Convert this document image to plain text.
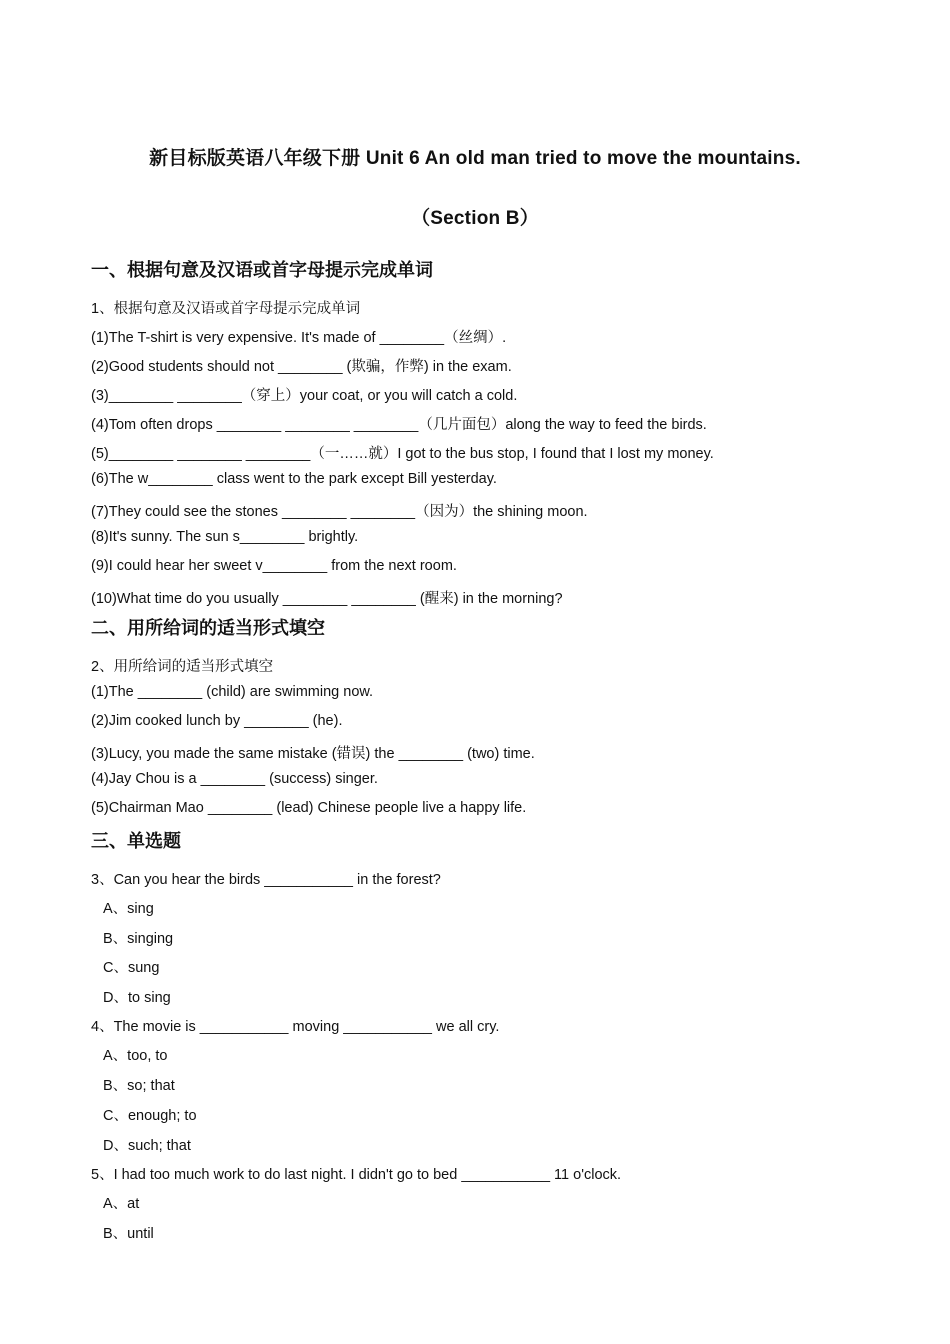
新目标版英语八年级下册 Unit 6 An old man tried to move the mountains.
（Section B）
一、根据句意及汉语或首字母提示完成单词
1、根据句意及汉语或首字母提示完成单词
(1)The T-shirt is very expensive. It's made of ________（丝绸）.
(2)Good students should not ________ (欺骗，作弊) in the exam.
(3)________ ________（穿上）your coat, or you will catch a cold.
(4)Tom often drops ________ ________ ________（几片面包）along the way to feed the birds.
(5)________ ________ ________（一……就）I got to the bus stop, I found that I lost my money.
(6)The w________ class went to the park except Bill yesterday.
(7)They could see the stones ________ ________（因为）the shining moon.
(8)It's sunny. The sun s________ brightly.
(9)I could hear her sweet v________ from the next room.
(10)What time do you usually ________ ________ (醒来) in the morning?
二、用所给词的适当形式填空
2、用所给词的适当形式填空
(1)The ________ (child) are swimming now.
(2)Jim cooked lunch by ________ (he).
(3)Lucy, you made the same mistake (错误) the ________ (two) time.
(4)Jay Chou is a ________ (success) singer.
(5)Chairman Mao ________ (lead) Chinese people live a happy life.
三、单选题
3、Can you hear the birds ___________ in the forest?
A、sing
B、singing
C、sung
D、to sing
4、The movie is ___________ moving ___________ we all cry.
A、too, to
B、so; that
C、enough; to
D、such; that
5、I had too much work to do last night. I didn't go to bed ___________ 11 o'clock.
A、at
B、until
